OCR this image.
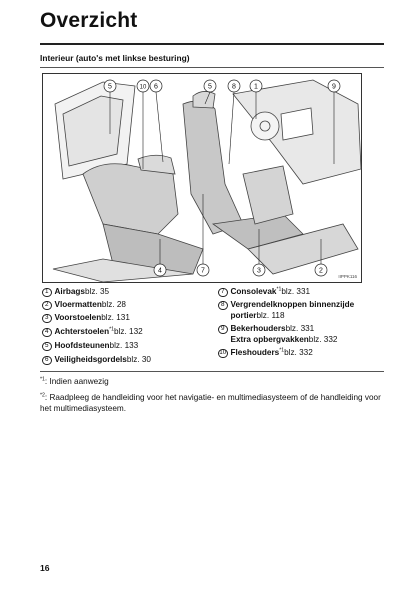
Overzicht
Interieur (auto's met linkse besturing)
5	10 6	5	8	1	9
4	7	3	2
IIPPK116
1 Airbagsblz. 35
2 Vloermattenblz. 28
3 Voorstoelenblz. 131
4 Achterstoelen$^{*1}$blz. 132
5 Hoofdsteunenblz. 133
6 Veiligheidsgordelsblz. 30
7 Consolevak$^{*1}$blz. 331
8 Vergrendelknoppen binnenzijde
portierblz. 118
9 Bekerhoudersblz. 331
Extra opbergvakkenblz. 332
10 Fleshouders$^{*1}$blz. 332
$^{*1}$: Indien aanwezig
$^{*2}$: Raadpleeg de handleiding voor het navigatie- en multimediasysteem of de handleiding voor het multimediasysteem.
16
